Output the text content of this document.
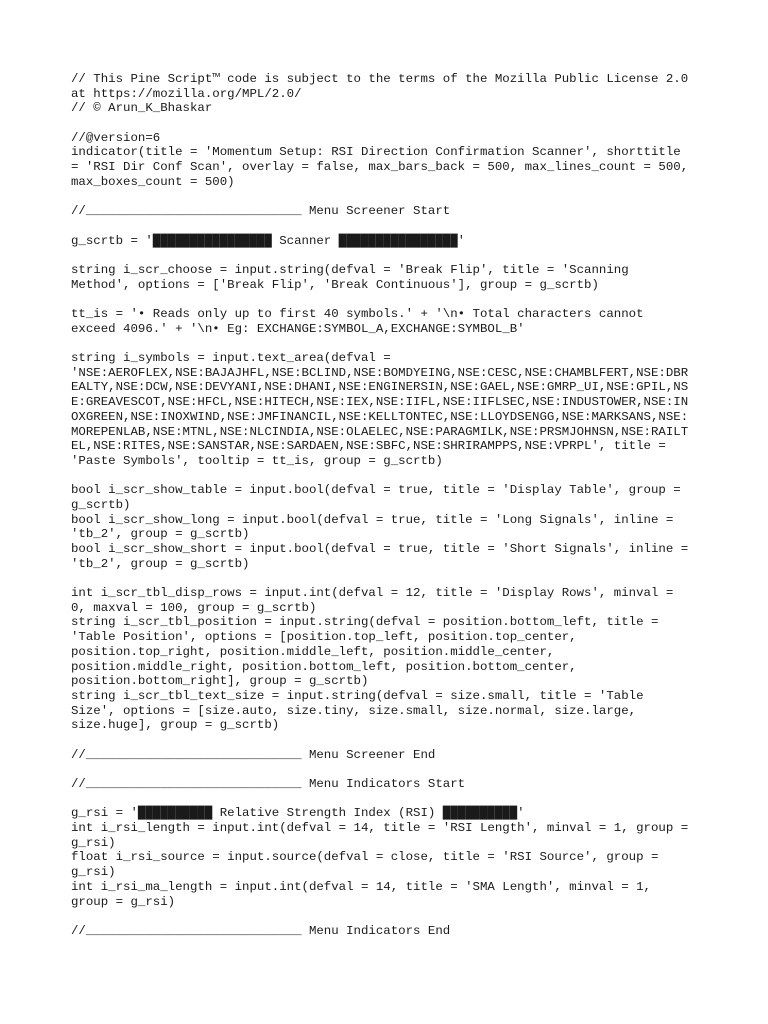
// This Pine Script™ code is subject to the terms of the Mozilla Public License 2.0
at https://mozilla.org/MPL/2.0/
// © Arun_K_Bhaskar
//@version=6
indicator(title = 'Momentum Setup: RSI Direction Confirmation Scanner', shorttitle
= 'RSI Dir Conf Scan', overlay = false, max_bars_back = 500, max_lines_count = 500,
max_boxes_count = 500)
//_____________________________ Menu Screener Start
g_scrtb = '████████████████ Scanner ████████████████'
string i_scr_choose = input.string(defval = 'Break Flip', title = 'Scanning
Method', options = ['Break Flip', 'Break Continuous'], group = g_scrtb)
tt_is = '• Reads only up to first 40 symbols.' + '\n• Total characters cannot
exceed 4096.' + '\n• Eg: EXCHANGE:SYMBOL_A,EXCHANGE:SYMBOL_B'
string i_symbols = input.text_area(defval =
'NSE:AEROFLEX,NSE:BAJAJHFL,NSE:BCLIND,NSE:BOMDYEING,NSE:CESC,NSE:CHAMBLFERT,NSE:DBR
EALTY,NSE:DCW,NSE:DEVYANI,NSE:DHANI,NSE:ENGINERSIN,NSE:GAEL,NSE:GMRP_UI,NSE:GPIL,NS
E:GREAVESCOT,NSE:HFCL,NSE:HITECH,NSE:IEX,NSE:IIFL,NSE:IIFLSEC,NSE:INDUSTOWER,NSE:IN
OXGREEN,NSE:INOXWIND,NSE:JMFINANCIL,NSE:KELLTONTEC,NSE:LLOYDSENGG,NSE:MARKSANS,NSE:
MOREPENLAB,NSE:MTNL,NSE:NLCINDIA,NSE:OLAELEC,NSE:PARAGMILK,NSE:PRSMJOHNSN,NSE:RAILT
EL,NSE:RITES,NSE:SANSTAR,NSE:SARDAEN,NSE:SBFC,NSE:SHRIRAMPPS,NSE:VPRPL', title =
'Paste Symbols', tooltip = tt_is, group = g_scrtb)
bool i_scr_show_table = input.bool(defval = true, title = 'Display Table', group =
g_scrtb)
bool i_scr_show_long = input.bool(defval = true, title = 'Long Signals', inline =
'tb_2', group = g_scrtb)
bool i_scr_show_short = input.bool(defval = true, title = 'Short Signals', inline =
'tb_2', group = g_scrtb)
int i_scr_tbl_disp_rows = input.int(defval = 12, title = 'Display Rows', minval =
0, maxval = 100, group = g_scrtb)
string i_scr_tbl_position = input.string(defval = position.bottom_left, title =
'Table Position', options = [position.top_left, position.top_center,
position.top_right, position.middle_left, position.middle_center,
position.middle_right, position.bottom_left, position.bottom_center,
position.bottom_right], group = g_scrtb)
string i_scr_tbl_text_size = input.string(defval = size.small, title = 'Table
Size', options = [size.auto, size.tiny, size.small, size.normal, size.large,
size.huge], group = g_scrtb)
//_____________________________ Menu Screener End
//_____________________________ Menu Indicators Start
g_rsi = '██████████ Relative Strength Index (RSI) ██████████'
int i_rsi_length = input.int(defval = 14, title = 'RSI Length', minval = 1, group =
g_rsi)
float i_rsi_source = input.source(defval = close, title = 'RSI Source', group =
g_rsi)
int i_rsi_ma_length = input.int(defval = 14, title = 'SMA Length', minval = 1,
group = g_rsi)
//_____________________________ Menu Indicators End
